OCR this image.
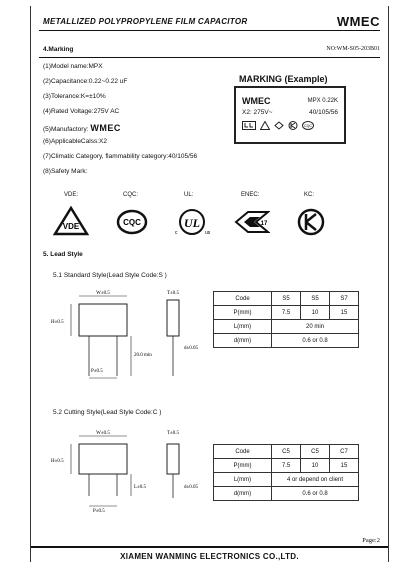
METALLIZED POLYPROPYLENE FILM CAPACITOR	WMEC
4.Marking	NO:WM-S05-203B01
(1)Model name:MPX
(2)Capacitance:0.22~0.22 uF
(3)Tolerance:K=±10%
(4)Rated Voltage:275V AC
(5)Manufactory: WMEC
(6)ApplicableCalss:X2
(7)Climatic Category, flammability category:40/105/56
(8)Safety Mark:
MARKING (Example)
WMEC	MPX 0.22K
X2: 275V~	40/105/56
CQC
VDE:	CQC:	UL:	ENEC:	KC:
VDE	CQC	UL
c	us
17
5. Lead Style
5.1 Standard Style(Lead Style Code:S )
W±0.5
H±0.5
P±0.5
20.0 min
T±0.5
d±0.05
Code	S5	S5	S7
P(mm)	7.5	10	15
L(mm)	20 min		
d(mm)	0.6 or 0.8		
5.2 Cutting Style(Lead Style Code:C )
W±0.5
H±0.5
P±0.5
L±0.5
T±0.5
d±0.05
Code	C5	C5	C7
P(mm)	7.5	10	15
L(mm)	4 or depend on client		
d(mm)	0.6 or 0.8		
Page:2
XIAMEN WANMING ELECTRONICS CO.,LTD.
